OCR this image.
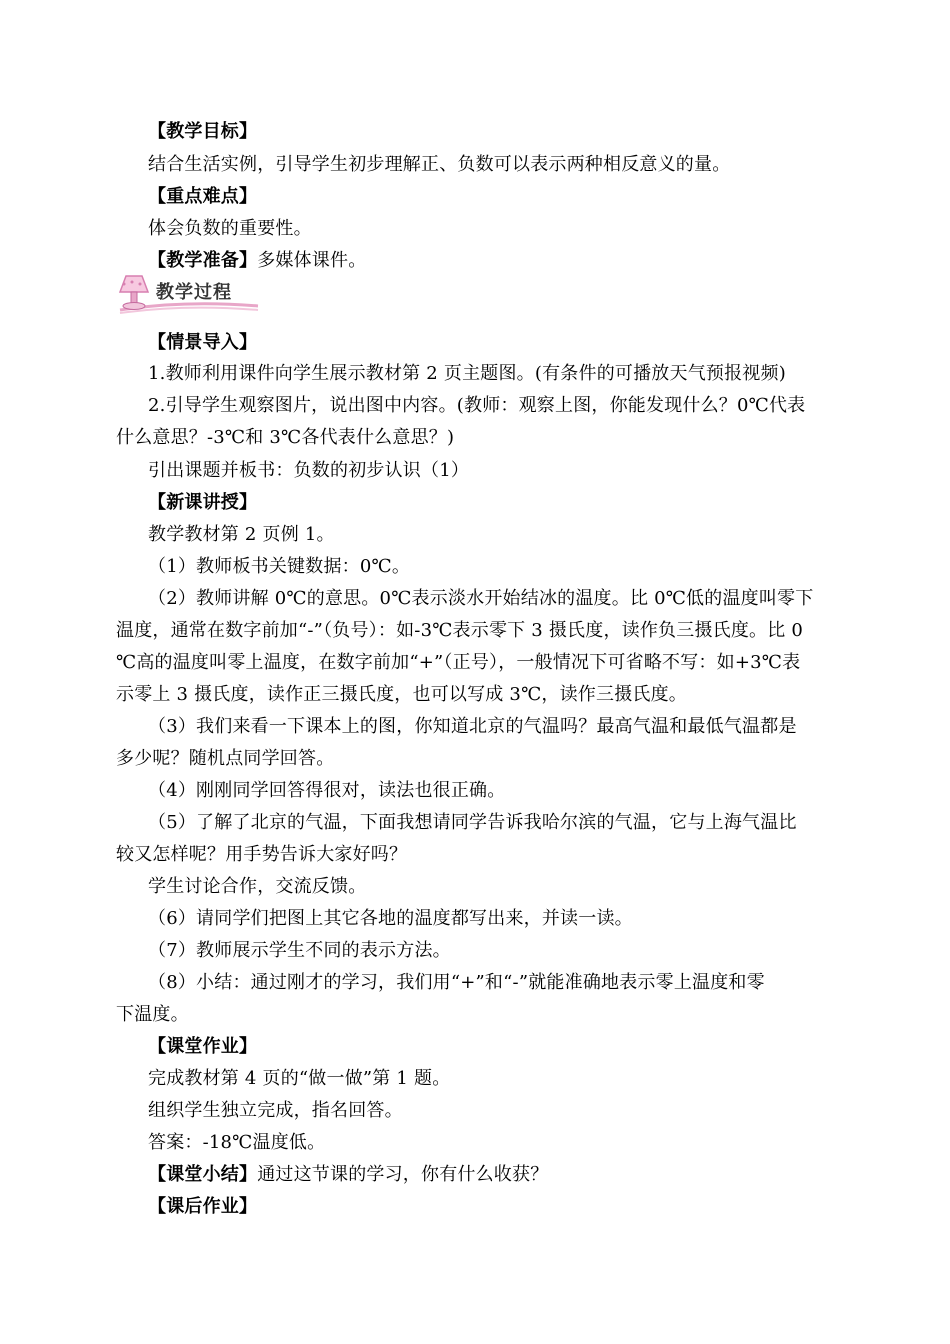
【教学目标】
结合生活实例，引导学生初步理解正、负数可以表示两种相反意义的量。
【重点难点】
体会负数的重要性。
【教学准备】多媒体课件。
教学过程
【情景导入】
1.教师利用课件向学生展示教材第 2 页主题图。(有条件的可播放天气预报视频)
2.引导学生观察图片，说出图中内容。(教师：观察上图，你能发现什么？0℃代表
什么意思？-3℃和 3℃各代表什么意思？)
引出课题并板书：负数的初步认识（1）
【新课讲授】
教学教材第 2 页例 1。
（1）教师板书关键数据：0℃。
（2）教师讲解 0℃的意思。0℃表示淡水开始结冰的温度。比 0℃低的温度叫零下
温度，通常在数字前加“-”（负号）：如-3℃表示零下 3 摄氏度，读作负三摄氏度。比 0
℃高的温度叫零上温度，在数字前加“+”（正号），一般情况下可省略不写：如+3℃表
示零上 3 摄氏度，读作正三摄氏度，也可以写成 3℃，读作三摄氏度。
（3）我们来看一下课本上的图，你知道北京的气温吗？最高气温和最低气温都是
多少呢？随机点同学回答。
（4）刚刚同学回答得很对，读法也很正确。
（5）了解了北京的气温，下面我想请同学告诉我哈尔滨的气温，它与上海气温比
较又怎样呢？用手势告诉大家好吗？
学生讨论合作，交流反馈。
（6）请同学们把图上其它各地的温度都写出来，并读一读。
（7）教师展示学生不同的表示方法。
（8）小结：通过刚才的学习，我们用“+”和“-”就能准确地表示零上温度和零
下温度。
【课堂作业】
完成教材第 4 页的“做一做”第 1 题。
组织学生独立完成，指名回答。
答案：-18℃温度低。
【课堂小结】通过这节课的学习，你有什么收获？
【课后作业】
